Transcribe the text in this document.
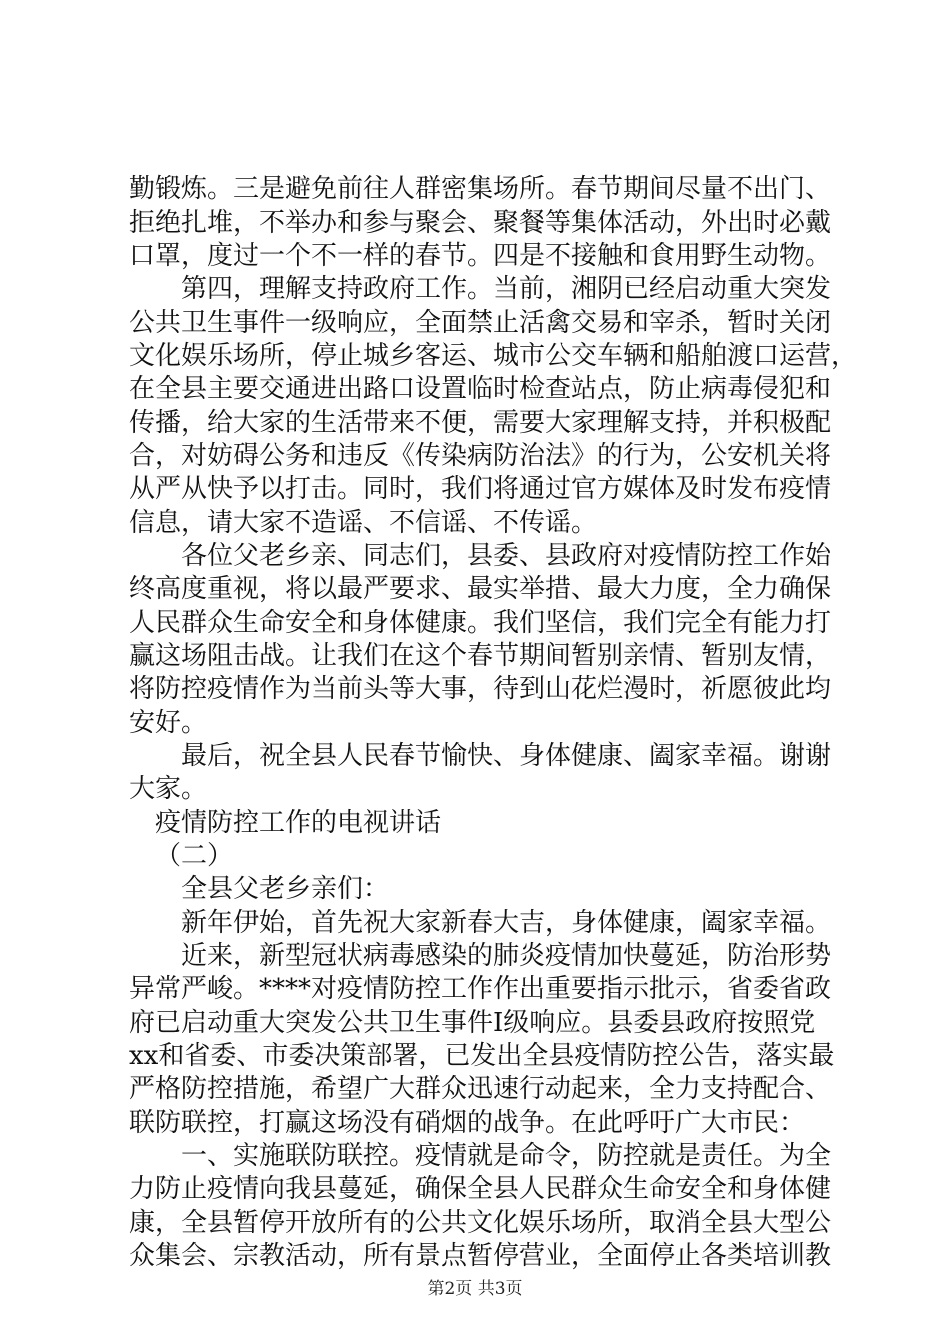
勤锻炼。三是避免前往人群密集场所。春节期间尽量不出门、
拒绝扎堆，不举办和参与聚会、聚餐等集体活动，外出时必戴
口罩，度过一个不一样的春节。四是不接触和食用野生动物。
第四，理解支持政府工作。当前，湘阴已经启动重大突发
公共卫生事件一级响应，全面禁止活禽交易和宰杀，暂时关闭
文化娱乐场所，停止城乡客运、城市公交车辆和船舶渡口运营，
在全县主要交通进出路口设置临时检查站点，防止病毒侵犯和
传播，给大家的生活带来不便，需要大家理解支持，并积极配
合，对妨碍公务和违反《传染病防治法》的行为，公安机关将
从严从快予以打击。同时，我们将通过官方媒体及时发布疫情
信息，请大家不造谣、不信谣、不传谣。
各位父老乡亲、同志们，县委、县政府对疫情防控工作始
终高度重视，将以最严要求、最实举措、最大力度，全力确保
人民群众生命安全和身体健康。我们坚信，我们完全有能力打
赢这场阻击战。让我们在这个春节期间暂别亲情、暂别友情，
将防控疫情作为当前头等大事，待到山花烂漫时，祈愿彼此均
安好。
最后，祝全县人民春节愉快、身体健康、阖家幸福。谢谢
大家。
疫情防控工作的电视讲话
（二）
全县父老乡亲们：
新年伊始，首先祝大家新春大吉，身体健康，阖家幸福。
近来，新型冠状病毒感染的肺炎疫情加快蔓延，防治形势
异常严峻。****对疫情防控工作作出重要指示批示，省委省政
府已启动重大突发公共卫生事件Ⅰ级响应。县委县政府按照党
xx和省委、市委决策部署，已发出全县疫情防控公告，落实最
严格防控措施，希望广大群众迅速行动起来，全力支持配合、
联防联控，打赢这场没有硝烟的战争。在此呼吁广大市民：
一、实施联防联控。疫情就是命令，防控就是责任。为全
力防止疫情向我县蔓延，确保全县人民群众生命安全和身体健
康，全县暂停开放所有的公共文化娱乐场所，取消全县大型公
众集会、宗教活动，所有景点暂停营业，全面停止各类培训教
第2页 共3页
